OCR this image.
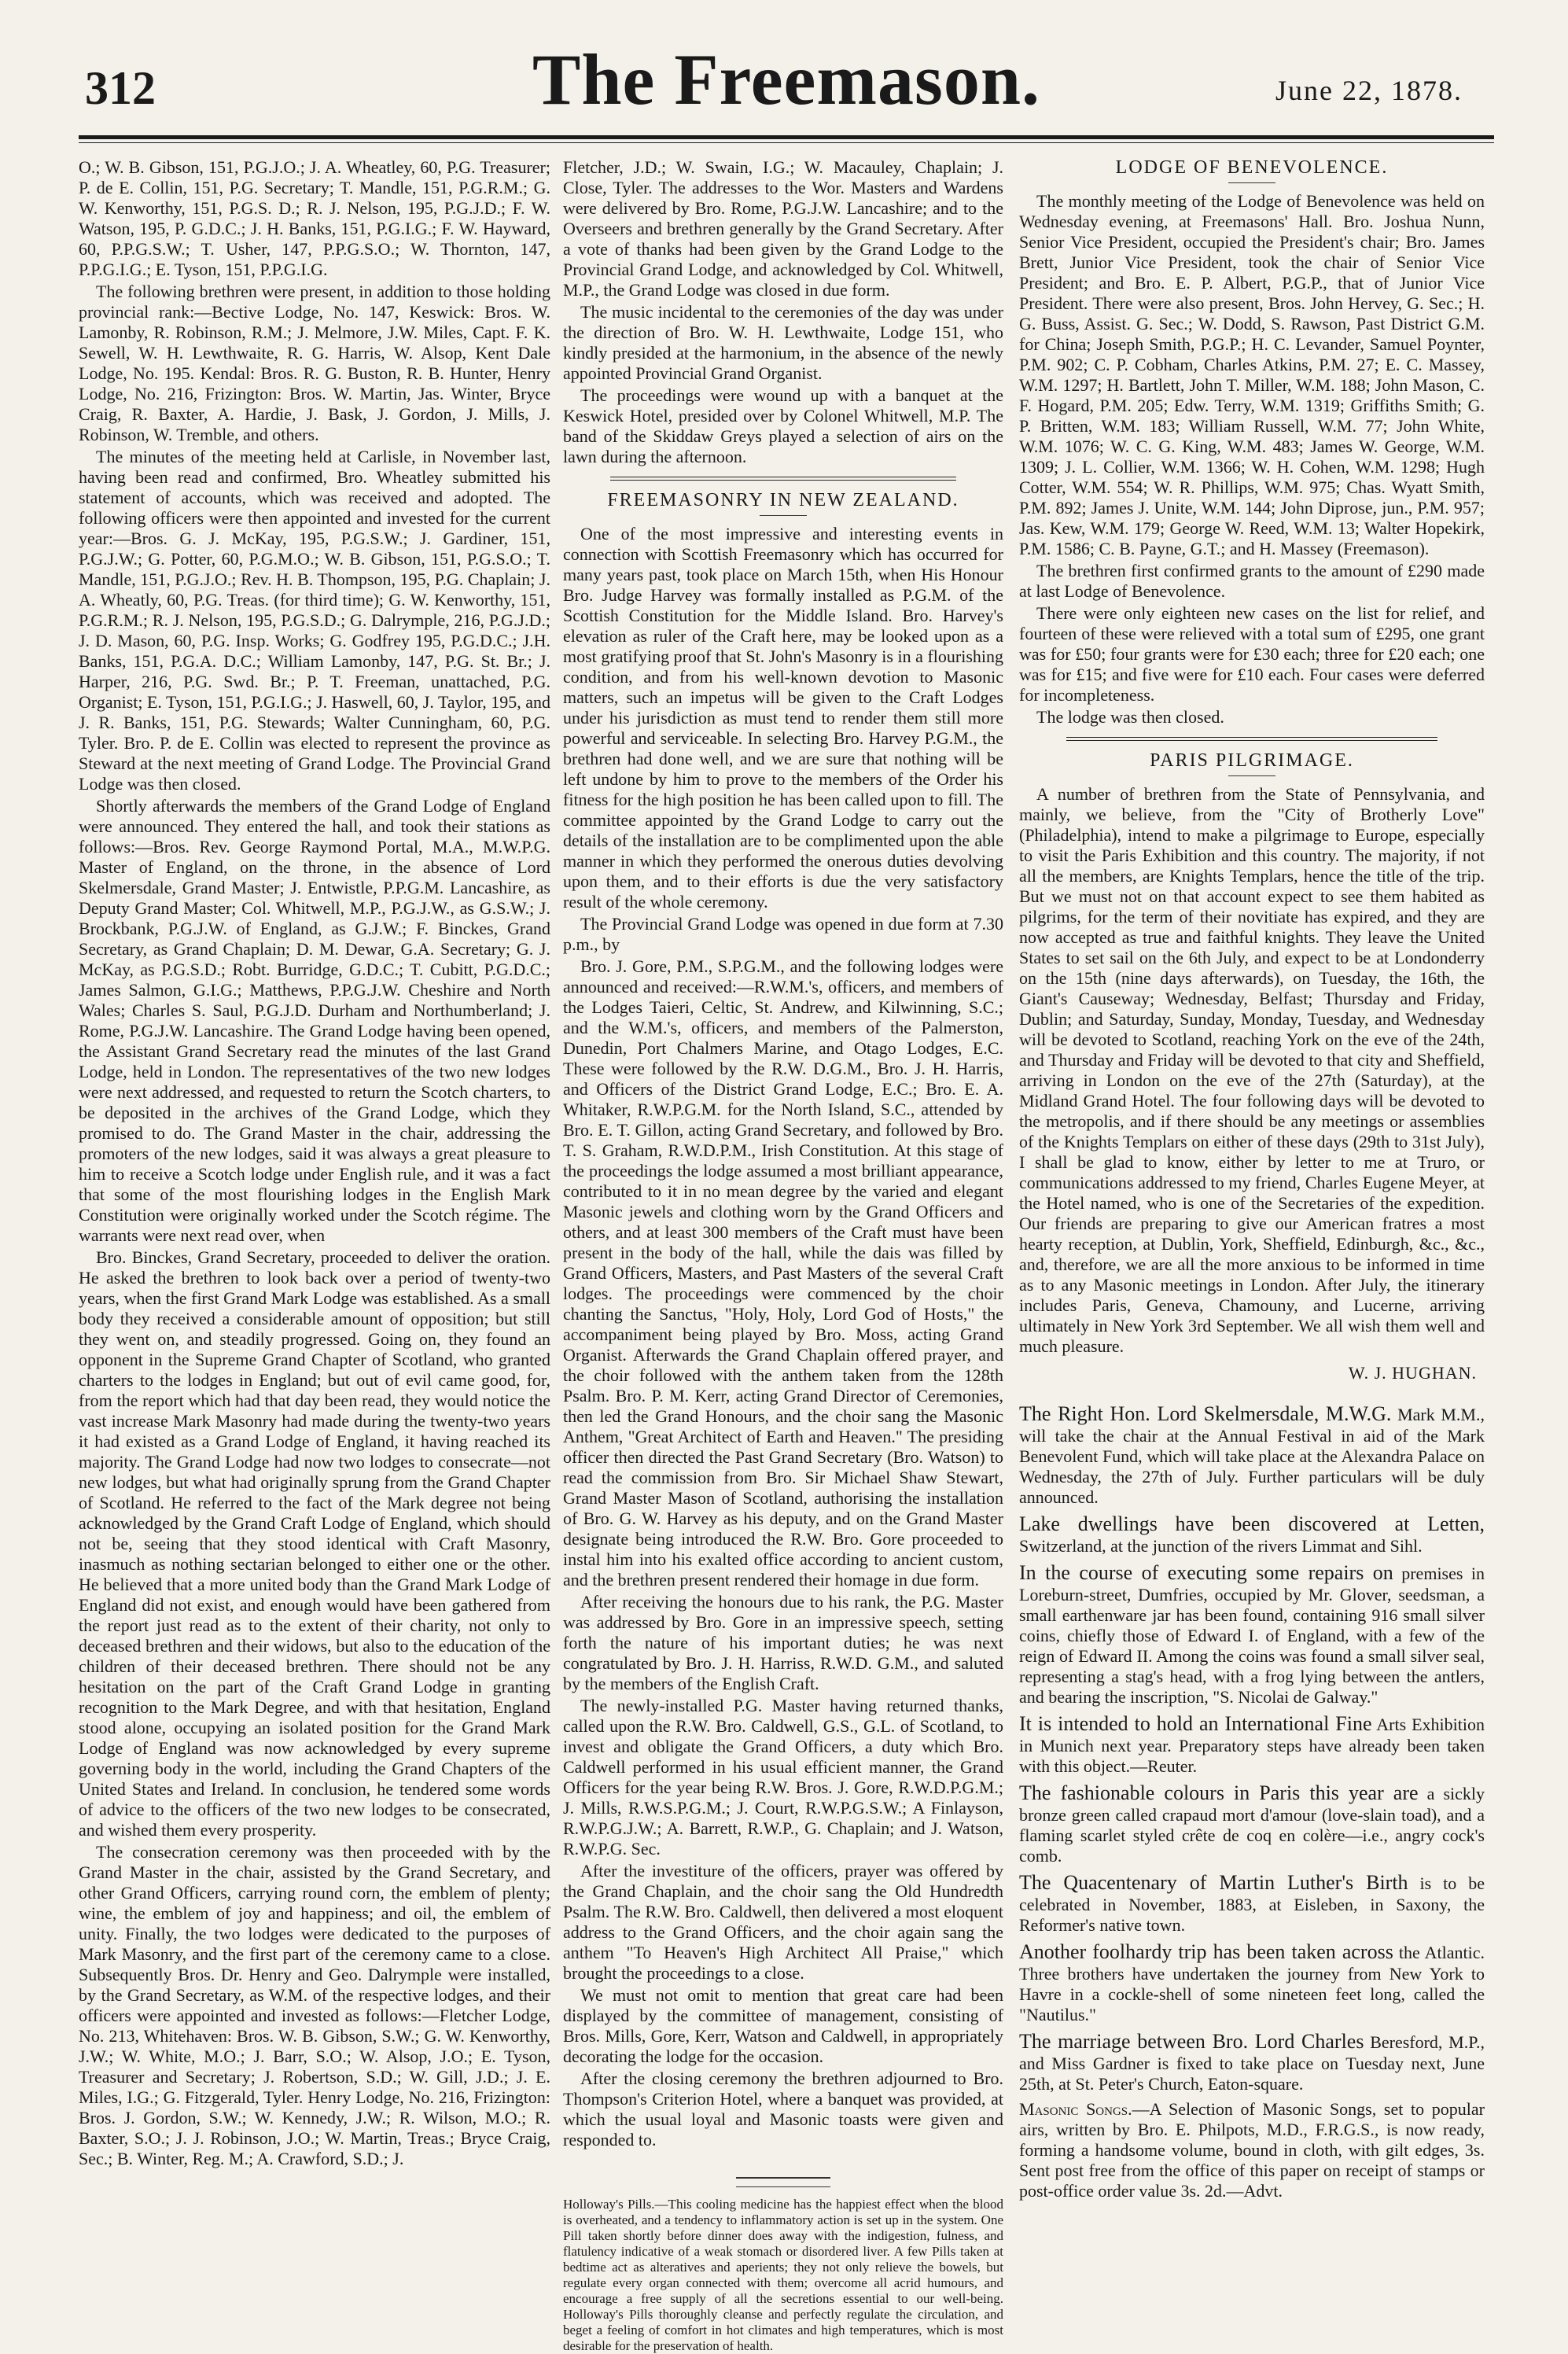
312	The Freemason.	June 22, 1878.

O.; W. B. Gibson, 151, P.G.J.O.; J. A. Wheatley, 60, P.G. Treasurer; P. de E. Collin, 151, P.G. Secretary; T. Mandle, 151, P.G.R.M.; G. W. Kenworthy, 151, P.G.S. D.; R. J. Nelson, 195, P.G.J.D.; F. W. Watson, 195, P. G.D.C.; J. H. Banks, 151, P.G.I.G.; F. W. Hayward, 60, P.P.G.S.W.; T. Usher, 147, P.P.G.S.O.; W. Thornton, 147, P.P.G.I.G.; E. Tyson, 151, P.P.G.I.G.

The following brethren were present, in addition to those holding provincial rank:—Bective Lodge, No. 147, Keswick: Bros. W. Lamonby, R. Robinson, R.M.; J. Melmore, J.W. Miles, Capt. F. K. Sewell, W. H. Lewthwaite, R. G. Harris, W. Alsop, Kent Dale Lodge, No. 195. Kendal: Bros. R. G. Buston, R. B. Hunter, Henry Lodge, No. 216, Frizington: Bros. W. Martin, Jas. Winter, Bryce Craig, R. Baxter, A. Hardie, J. Bask, J. Gordon, J. Mills, J. Robinson, W. Tremble, and others.

The minutes of the meeting held at Carlisle, in November last, having been read and confirmed, Bro. Wheatley submitted his statement of accounts, which was received and adopted. The following officers were then appointed and invested for the current year:—Bros. G. J. McKay, 195, P.G.S.W.; J. Gardiner, 151, P.G.J.W.; G. Potter, 60, P.G.M.O.; W. B. Gibson, 151, P.G.S.O.; T. Mandle, 151, P.G.J.O.; Rev. H. B. Thompson, 195, P.G. Chaplain; J. A. Wheatly, 60, P.G. Treas. (for third time); G. W. Kenworthy, 151, P.G.R.M.; R. J. Nelson, 195, P.G.S.D.; G. Dalrymple, 216, P.G.J.D.; J. D. Mason, 60, P.G. Insp. Works; G. Godfrey 195, P.G.D.C.; J.H. Banks, 151, P.G.A. D.C.; William Lamonby, 147, P.G. St. Br.; J. Harper, 216, P.G. Swd. Br.; P. T. Freeman, unattached, P.G. Organist; E. Tyson, 151, P.G.I.G.; J. Haswell, 60, J. Taylor, 195, and J. R. Banks, 151, P.G. Stewards; Walter Cunningham, 60, P.G. Tyler. Bro. P. de E. Collin was elected to represent the province as Steward at the next meeting of Grand Lodge. The Provincial Grand Lodge was then closed.

Shortly afterwards the members of the Grand Lodge of England were announced. They entered the hall, and took their stations as follows:—Bros. Rev. George Raymond Portal, M.A., M.W.P.G. Master of England, on the throne, in the absence of Lord Skelmersdale, Grand Master; J. Entwistle, P.P.G.M. Lancashire, as Deputy Grand Master; Col. Whitwell, M.P., P.G.J.W., as G.S.W.; J. Brockbank, P.G.J.W. of England, as G.J.W.; F. Binckes, Grand Secretary, as Grand Chaplain; D. M. Dewar, G.A. Secretary; G. J. McKay, as P.G.S.D.; Robt. Burridge, G.D.C.; T. Cubitt, P.G.D.C.; James Salmon, G.I.G.; Matthews, P.P.G.J.W. Cheshire and North Wales; Charles S. Saul, P.G.J.D. Durham and Northumberland; J. Rome, P.G.J.W. Lancashire. The Grand Lodge having been opened, the Assistant Grand Secretary read the minutes of the last Grand Lodge, held in London. The representatives of the two new lodges were next addressed, and requested to return the Scotch charters, to be deposited in the archives of the Grand Lodge, which they promised to do. The Grand Master in the chair, addressing the promoters of the new lodges, said it was always a great pleasure to him to receive a Scotch lodge under English rule, and it was a fact that some of the most flourishing lodges in the English Mark Constitution were originally worked under the Scotch régime. The warrants were next read over, when

Bro. Binckes, Grand Secretary, proceeded to deliver the oration. He asked the brethren to look back over a period of twenty-two years, when the first Grand Mark Lodge was established. As a small body they received a considerable amount of opposition; but still they went on, and steadily progressed. Going on, they found an opponent in the Supreme Grand Chapter of Scotland, who granted charters to the lodges in England; but out of evil came good, for, from the report which had that day been read, they would notice the vast increase Mark Masonry had made during the twenty-two years it had existed as a Grand Lodge of England, it having reached its majority. The Grand Lodge had now two lodges to consecrate—not new lodges, but what had originally sprung from the Grand Chapter of Scotland. He referred to the fact of the Mark degree not being acknowledged by the Grand Craft Lodge of England, which should not be, seeing that they stood identical with Craft Masonry, inasmuch as nothing sectarian belonged to either one or the other. He believed that a more united body than the Grand Mark Lodge of England did not exist, and enough would have been gathered from the report just read as to the extent of their charity, not only to deceased brethren and their widows, but also to the education of the children of their deceased brethren. There should not be any hesitation on the part of the Craft Grand Lodge in granting recognition to the Mark Degree, and with that hesitation, England stood alone, occupying an isolated position for the Grand Mark Lodge of England was now acknowledged by every supreme governing body in the world, including the Grand Chapters of the United States and Ireland. In conclusion, he tendered some words of advice to the officers of the two new lodges to be consecrated, and wished them every prosperity.

The consecration ceremony was then proceeded with by the Grand Master in the chair, assisted by the Grand Secretary, and other Grand Officers, carrying round corn, the emblem of plenty; wine, the emblem of joy and happiness; and oil, the emblem of unity. Finally, the two lodges were dedicated to the purposes of Mark Masonry, and the first part of the ceremony came to a close. Subsequently Bros. Dr. Henry and Geo. Dalrymple were installed, by the Grand Secretary, as W.M. of the respective lodges, and their officers were appointed and invested as follows:—Fletcher Lodge, No. 213, Whitehaven: Bros. W. B. Gibson, S.W.; G. W. Kenworthy, J.W.; W. White, M.O.; J. Barr, S.O.; W. Alsop, J.O.; E. Tyson, Treasurer and Secretary; J. Robertson, S.D.; W. Gill, J.D.; J. E. Miles, I.G.; G. Fitzgerald, Tyler. Henry Lodge, No. 216, Frizington: Bros. J. Gordon, S.W.; W. Kennedy, J.W.; R. Wilson, M.O.; R. Baxter, S.O.; J. J. Robinson, J.O.; W. Martin, Treas.; Bryce Craig, Sec.; B. Winter, Reg. M.; A. Crawford, S.D.; J.

Fletcher, J.D.; W. Swain, I.G.; W. Macauley, Chaplain; J. Close, Tyler. The addresses to the Wor. Masters and Wardens were delivered by Bro. Rome, P.G.J.W. Lancashire; and to the Overseers and brethren generally by the Grand Secretary. After a vote of thanks had been given by the Grand Lodge to the Provincial Grand Lodge, and acknowledged by Col. Whitwell, M.P., the Grand Lodge was closed in due form.

The music incidental to the ceremonies of the day was under the direction of Bro. W. H. Lewthwaite, Lodge 151, who kindly presided at the harmonium, in the absence of the newly appointed Provincial Grand Organist.

The proceedings were wound up with a banquet at the Keswick Hotel, presided over by Colonel Whitwell, M.P. The band of the Skiddaw Greys played a selection of airs on the lawn during the afternoon.

FREEMASONRY IN NEW ZEALAND.

One of the most impressive and interesting events in connection with Scottish Freemasonry which has occurred for many years past, took place on March 15th, when His Honour Bro. Judge Harvey was formally installed as P.G.M. of the Scottish Constitution for the Middle Island. Bro. Harvey's elevation as ruler of the Craft here, may be looked upon as a most gratifying proof that St. John's Masonry is in a flourishing condition, and from his well-known devotion to Masonic matters, such an impetus will be given to the Craft Lodges under his jurisdiction as must tend to render them still more powerful and serviceable. In selecting Bro. Harvey P.G.M., the brethren had done well, and we are sure that nothing will be left undone by him to prove to the members of the Order his fitness for the high position he has been called upon to fill. The committee appointed by the Grand Lodge to carry out the details of the installation are to be complimented upon the able manner in which they performed the onerous duties devolving upon them, and to their efforts is due the very satisfactory result of the whole ceremony.

The Provincial Grand Lodge was opened in due form at 7.30 p.m., by

Bro. J. Gore, P.M., S.P.G.M., and the following lodges were announced and received:—R.W.M.'s, officers, and members of the Lodges Taieri, Celtic, St. Andrew, and Kilwinning, S.C.; and the W.M.'s, officers, and members of the Palmerston, Dunedin, Port Chalmers Marine, and Otago Lodges, E.C. These were followed by the R.W. D.G.M., Bro. J. H. Harris, and Officers of the District Grand Lodge, E.C.; Bro. E. A. Whitaker, R.W.P.G.M. for the North Island, S.C., attended by Bro. E. T. Gillon, acting Grand Secretary, and followed by Bro. T. S. Graham, R.W.D.P.M., Irish Constitution. At this stage of the proceedings the lodge assumed a most brilliant appearance, contributed to it in no mean degree by the varied and elegant Masonic jewels and clothing worn by the Grand Officers and others, and at least 300 members of the Craft must have been present in the body of the hall, while the dais was filled by Grand Officers, Masters, and Past Masters of the several Craft lodges. The proceedings were commenced by the choir chanting the Sanctus, "Holy, Holy, Lord God of Hosts," the accompaniment being played by Bro. Moss, acting Grand Organist. Afterwards the Grand Chaplain offered prayer, and the choir followed with the anthem taken from the 128th Psalm. Bro. P. M. Kerr, acting Grand Director of Ceremonies, then led the Grand Honours, and the choir sang the Masonic Anthem, "Great Architect of Earth and Heaven." The presiding officer then directed the Past Grand Secretary (Bro. Watson) to read the commission from Bro. Sir Michael Shaw Stewart, Grand Master Mason of Scotland, authorising the installation of Bro. G. W. Harvey as his deputy, and on the Grand Master designate being introduced the R.W. Bro. Gore proceeded to instal him into his exalted office according to ancient custom, and the brethren present rendered their homage in due form.

After receiving the honours due to his rank, the P.G. Master was addressed by Bro. Gore in an impressive speech, setting forth the nature of his important duties; he was next congratulated by Bro. J. H. Harriss, R.W.D. G.M., and saluted by the members of the English Craft.

The newly-installed P.G. Master having returned thanks, called upon the R.W. Bro. Caldwell, G.S., G.L. of Scotland, to invest and obligate the Grand Officers, a duty which Bro. Caldwell performed in his usual efficient manner, the Grand Officers for the year being R.W. Bros. J. Gore, R.W.D.P.G.M.; J. Mills, R.W.S.P.G.M.; J. Court, R.W.P.G.S.W.; A Finlayson, R.W.P.G.J.W.; A. Barrett, R.W.P., G. Chaplain; and J. Watson, R.W.P.G. Sec.

After the investiture of the officers, prayer was offered by the Grand Chaplain, and the choir sang the Old Hundredth Psalm. The R.W. Bro. Caldwell, then delivered a most eloquent address to the Grand Officers, and the choir again sang the anthem "To Heaven's High Architect All Praise," which brought the proceedings to a close.

We must not omit to mention that great care had been displayed by the committee of management, consisting of Bros. Mills, Gore, Kerr, Watson and Caldwell, in appropriately decorating the lodge for the occasion.

After the closing ceremony the brethren adjourned to Bro. Thompson's Criterion Hotel, where a banquet was provided, at which the usual loyal and Masonic toasts were given and responded to.

Holloway's Pills.—This cooling medicine has the happiest effect when the blood is overheated, and a tendency to inflammatory action is set up in the system. One Pill taken shortly before dinner does away with the indigestion, fulness, and flatulency indicative of a weak stomach or disordered liver. A few Pills taken at bedtime act as alteratives and aperients; they not only relieve the bowels, but regulate every organ connected with them; overcome all acrid humours, and encourage a free supply of all the secretions essential to our well-being. Holloway's Pills thoroughly cleanse and perfectly regulate the circulation, and beget a feeling of comfort in hot climates and high temperatures, which is most desirable for the preservation of health.
LODGE OF BENEVOLENCE.

The monthly meeting of the Lodge of Benevolence was held on Wednesday evening, at Freemasons' Hall. Bro. Joshua Nunn, Senior Vice President, occupied the President's chair; Bro. James Brett, Junior Vice President, took the chair of Senior Vice President; and Bro. E. P. Albert, P.G.P., that of Junior Vice President. There were also present, Bros. John Hervey, G. Sec.; H. G. Buss, Assist. G. Sec.; W. Dodd, S. Rawson, Past District G.M. for China; Joseph Smith, P.G.P.; H. C. Levander, Samuel Poynter, P.M. 902; C. P. Cobham, Charles Atkins, P.M. 27; E. C. Massey, W.M. 1297; H. Bartlett, John T. Miller, W.M. 188; John Mason, C. F. Hogard, P.M. 205; Edw. Terry, W.M. 1319; Griffiths Smith; G. P. Britten, W.M. 183; William Russell, W.M. 77; John White, W.M. 1076; W. C. G. King, W.M. 483; James W. George, W.M. 1309; J. L. Collier, W.M. 1366; W. H. Cohen, W.M. 1298; Hugh Cotter, W.M. 554; W. R. Phillips, W.M. 975; Chas. Wyatt Smith, P.M. 892; James J. Unite, W.M. 144; John Diprose, jun., P.M. 957; Jas. Kew, W.M. 179; George W. Reed, W.M. 13; Walter Hopekirk, P.M. 1586; C. B. Payne, G.T.; and H. Massey (Freemason).

The brethren first confirmed grants to the amount of £290 made at last Lodge of Benevolence.

There were only eighteen new cases on the list for relief, and fourteen of these were relieved with a total sum of £295, one grant was for £50; four grants were for £30 each; three for £20 each; one was for £15; and five were for £10 each. Four cases were deferred for incompleteness.

The lodge was then closed.

PARIS PILGRIMAGE.

A number of brethren from the State of Pennsylvania, and mainly, we believe, from the "City of Brotherly Love" (Philadelphia), intend to make a pilgrimage to Europe, especially to visit the Paris Exhibition and this country. The majority, if not all the members, are Knights Templars, hence the title of the trip. But we must not on that account expect to see them habited as pilgrims, for the term of their novitiate has expired, and they are now accepted as true and faithful knights. They leave the United States to set sail on the 6th July, and expect to be at Londonderry on the 15th (nine days afterwards), on Tuesday, the 16th, the Giant's Causeway; Wednesday, Belfast; Thursday and Friday, Dublin; and Saturday, Sunday, Monday, Tuesday, and Wednesday will be devoted to Scotland, reaching York on the eve of the 24th, and Thursday and Friday will be devoted to that city and Sheffield, arriving in London on the eve of the 27th (Saturday), at the Midland Grand Hotel. The four following days will be devoted to the metropolis, and if there should be any meetings or assemblies of the Knights Templars on either of these days (29th to 31st July), I shall be glad to know, either by letter to me at Truro, or communications addressed to my friend, Charles Eugene Meyer, at the Hotel named, who is one of the Secretaries of the expedition. Our friends are preparing to give our American fratres a most hearty reception, at Dublin, York, Sheffield, Edinburgh, &c., &c., and, therefore, we are all the more anxious to be informed in time as to any Masonic meetings in London. After July, the itinerary includes Paris, Geneva, Chamouny, and Lucerne, arriving ultimately in New York 3rd September. We all wish them well and much pleasure.

W. J. HUGHAN.

The Right Hon. Lord Skelmersdale, M.W.G. Mark M.M., will take the chair at the Annual Festival in aid of the Mark Benevolent Fund, which will take place at the Alexandra Palace on Wednesday, the 27th of July. Further particulars will be duly announced.

Lake dwellings have been discovered at Letten, Switzerland, at the junction of the rivers Limmat and Sihl.

In the course of executing some repairs on premises in Loreburn-street, Dumfries, occupied by Mr. Glover, seedsman, a small earthenware jar has been found, containing 916 small silver coins, chiefly those of Edward I. of England, with a few of the reign of Edward II. Among the coins was found a small silver seal, representing a stag's head, with a frog lying between the antlers, and bearing the inscription, "S. Nicolai de Galway."

It is intended to hold an International Fine Arts Exhibition in Munich next year. Preparatory steps have already been taken with this object.—Reuter.

The fashionable colours in Paris this year are a sickly bronze green called crapaud mort d'amour (love-slain toad), and a flaming scarlet styled crête de coq en colère—i.e., angry cock's comb.

The Quacentenary of Martin Luther's Birth is to be celebrated in November, 1883, at Eisleben, in Saxony, the Reformer's native town.

Another foolhardy trip has been taken across the Atlantic. Three brothers have undertaken the journey from New York to Havre in a cockle-shell of some nineteen feet long, called the "Nautilus."

The marriage between Bro. Lord Charles Beresford, M.P., and Miss Gardner is fixed to take place on Tuesday next, June 25th, at St. Peter's Church, Eaton-square.

Masonic Songs.—A Selection of Masonic Songs, set to popular airs, written by Bro. E. Philpots, M.D., F.R.G.S., is now ready, forming a handsome volume, bound in cloth, with gilt edges, 3s. Sent post free from the office of this paper on receipt of stamps or post-office order value 3s. 2d.—Advt.
